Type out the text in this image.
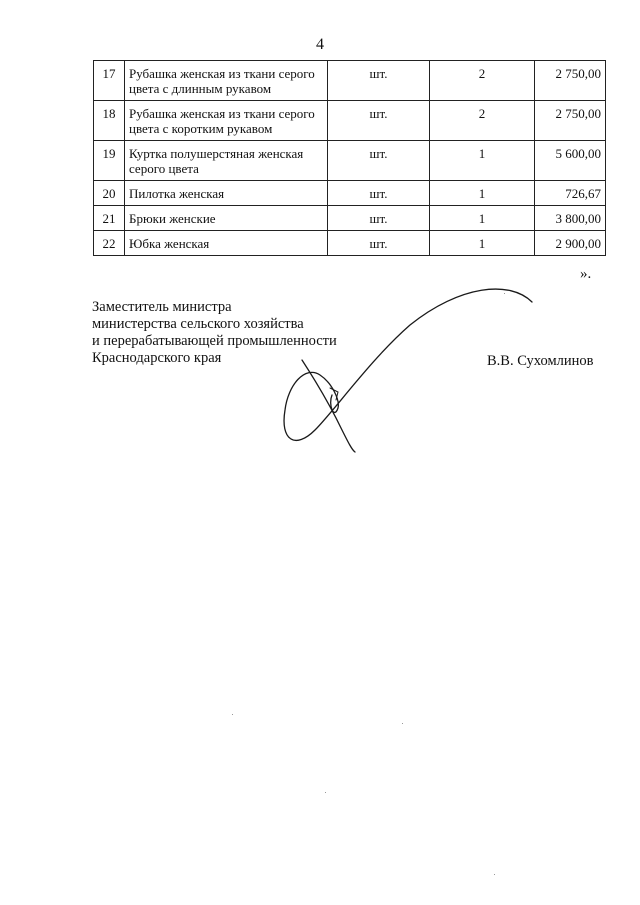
4
17	Рубашка женская из ткани серого цвета с длинным рукавом	шт.	2	2 750,00
18	Рубашка женская из ткани серого цвета с коротким рукавом	шт.	2	2 750,00
19	Куртка полушерстяная женская серого цвета	шт.	1	5 600,00
20	Пилотка женская	шт.	1	726,67
21	Брюки женские	шт.	1	3 800,00
22	Юбка женская	шт.	1	2 900,00
».
Заместитель министра
министерства сельского хозяйства
и перерабатывающей промышленности
Краснодарского края	В.В. Сухомлинов
